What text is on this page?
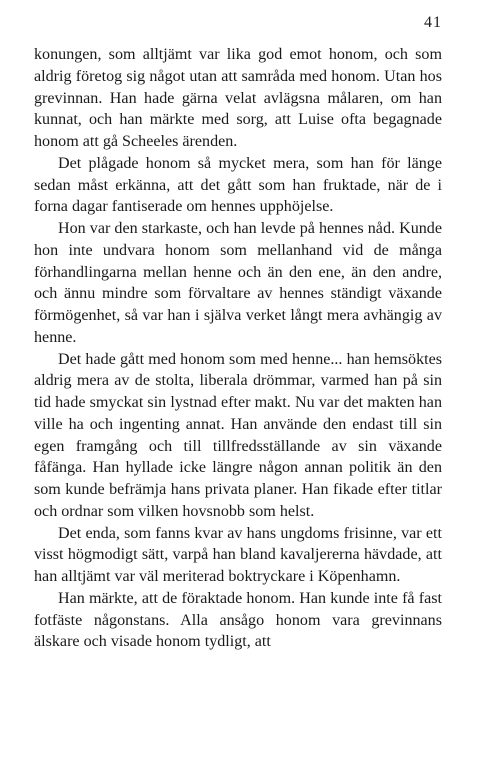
41

konungen, som alltjämt var lika god emot honom, och som aldrig företog sig något utan att samråda med honom. Utan hos grevinnan. Han hade gärna velat avlägsna målaren, om han kunnat, och han märkte med sorg, att Luise ofta begagnade honom att gå Scheeles ärenden.

Det plågade honom så mycket mera, som han för länge sedan måst erkänna, att det gått som han fruktade, när de i forna dagar fantiserade om hennes upphöjelse.

Hon var den starkaste, och han levde på hennes nåd. Kunde hon inte undvara honom som mellanhand vid de många förhandlingarna mellan henne och än den ene, än den andre, och ännu mindre som förvaltare av hennes ständigt växande förmögenhet, så var han i själva verket långt mera avhängig av henne.

Det hade gått med honom som med henne... han hemsöktes aldrig mera av de stolta, liberala drömmar, varmed han på sin tid hade smyckat sin lystnad efter makt. Nu var det makten han ville ha och ingenting annat. Han använde den endast till sin egen framgång och till tillfredsställande av sin växande fåfänga. Han hyllade icke längre någon annan politik än den som kunde befrämja hans privata planer. Han fikade efter titlar och ordnar som vilken hovsnobb som helst.

Det enda, som fanns kvar av hans ungdoms frisinne, var ett visst högmodigt sätt, varpå han bland kavaljererna hävdade, att han alltjämt var väl meriterad boktryckare i Köpenhamn.

Han märkte, att de föraktade honom. Han kunde inte få fast fotfäste någonstans. Alla ansågo honom vara grevinnans älskare och visade honom tydligt, att
